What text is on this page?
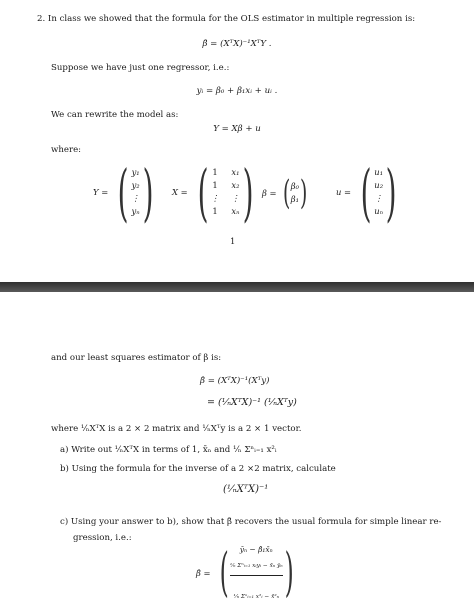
2. In class we showed that the formula for the OLS estimator in multiple regression is:
β̂ = (XᵀX)⁻¹XᵀY .
Suppose we have just one regressor, i.e.:
yᵢ = β₀ + β₁xᵢ + uᵢ .
We can rewrite the model as:
Y = Xβ + u
where:
Y = ( y₁
y₂
⋮
yₙ ) X = ( 1 x₁
1 x₂
⋮ ⋮
1 xₙ ) β = ( β₀
β₁ )	u = ( u₁
u₂
⋮
uₙ )
1
and our least squares estimator of β is:
β̂ = (XᵀX)⁻¹(Xᵀy)
= (¹⁄ₙXᵀX)⁻¹ (¹⁄ₙXᵀy)
where ¹⁄ₙXᵀX is a 2 × 2 matrix and ¹⁄ₙXᵀy is a 2 × 1 vector.
a) Write out ¹⁄ₙXᵀX in terms of 1, x̄ₙ and ¹⁄ₙ Σⁿᵢ₌₁ x²ᵢ
b) Using the formula for the inverse of a 2 ×2 matrix, calculate
(¹⁄ₙXᵀX)⁻¹
c) Using your answer to b), show that β̂ recovers the usual formula for simple linear re-
gression, i.e.:
β̂ = ( ȳₙ − β̂₁x̄ₙ
¹⁄ₙ Σⁿᵢ₌₁ xᵢyᵢ − x̄ₙ ȳₙ
¹⁄ₙ Σⁿᵢ₌₁ x²ᵢ − x̄²ₙ )
